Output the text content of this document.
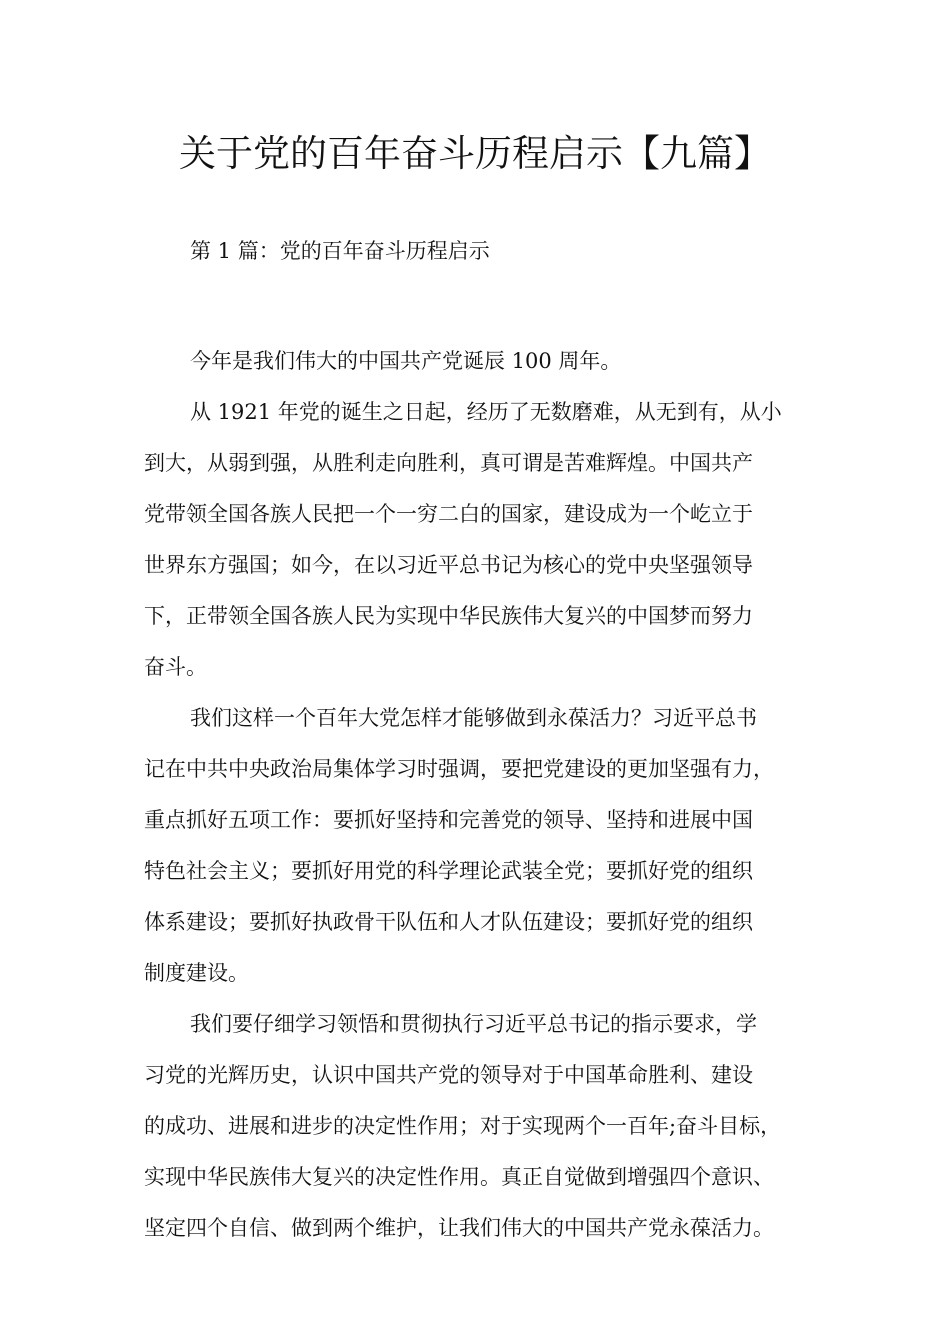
关于党的百年奋斗历程启示【九篇】

第 1 篇：党的百年奋斗历程启示

今年是我们伟大的中国共产党诞辰 100 周年。

从 1921 年党的诞生之日起，经历了无数磨难，从无到有，从小
到大，从弱到强，从胜利走向胜利，真可谓是苦难辉煌。中国共产
党带领全国各族人民把一个一穷二白的国家，建设成为一个屹立于
世界东方强国；如今，在以习近平总书记为核心的党中央坚强领导
下，正带领全国各族人民为实现中华民族伟大复兴的中国梦而努力
奋斗。

我们这样一个百年大党怎样才能够做到永葆活力？习近平总书
记在中共中央政治局集体学习时强调，要把党建设的更加坚强有力，
重点抓好五项工作：要抓好坚持和完善党的领导、坚持和进展中国
特色社会主义；要抓好用党的科学理论武装全党；要抓好党的组织
体系建设；要抓好执政骨干队伍和人才队伍建设；要抓好党的组织
制度建设。

我们要仔细学习领悟和贯彻执行习近平总书记的指示要求，学
习党的光辉历史，认识中国共产党的领导对于中国革命胜利、建设
的成功、进展和进步的决定性作用；对于实现两个一百年;奋斗目标，
实现中华民族伟大复兴的决定性作用。真正自觉做到增强四个意识、
坚定四个自信、做到两个维护，让我们伟大的中国共产党永葆活力。
